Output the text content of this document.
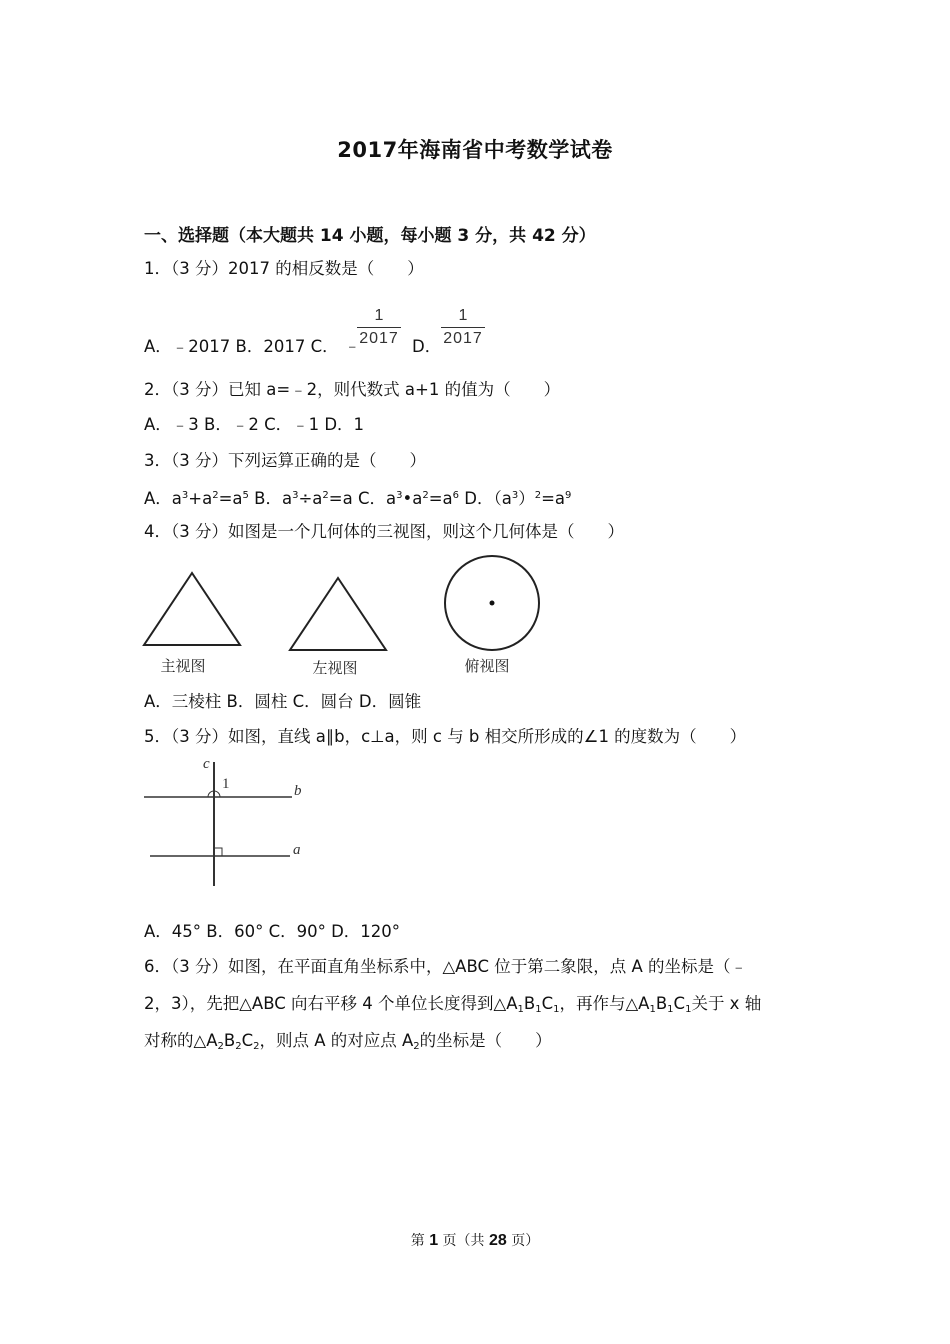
2017年海南省中考数学试卷
一、选择题（本大题共 14 小题，每小题 3 分，共 42 分）
1．（3 分）2017 的相反数是（　　）
A．﹣2017 B．2017 C． ﹣
$\frac{1}{2017}$ D． $\frac{1}{2017}$
2．（3 分）已知 a=﹣2，则代数式 a+1 的值为（　　）
A．﹣3 B．﹣2 C．﹣1 D．1
3．（3 分）下列运算正确的是（　　）
A．$a^3+a^2=a^5$ B．$a^3\div a^2=a$ C．$a^3•a^2=a^6$ D．$(a^3)^2=a^9$
4．（3 分）如图是一个几何体的三视图，则这个几何体是（　　）
主视图	左视图	俯视图
A．三棱柱 B．圆柱 C．圆台 D．圆锥
5．（3 分）如图，直线 a∥b，c⊥a，则 c 与 b 相交所形成的∠1 的度数为（　　）
c
1	b
a
A．45° B．60° C．90° D．120°
6．（3 分）如图，在平面直角坐标系中，△ABC 位于第二象限，点 A 的坐标是（﹣
2，3），先把△ABC 向右平移 4 个单位长度得到$\triangle A_1B_1C_1$，再作与$\triangle A_1B_1C_1$关于 x 轴
对称的$\triangle A_2B_2C_2$，则点 A 的对应点 $A_2$的坐标是（　　）
第 1 页（共 28 页）
